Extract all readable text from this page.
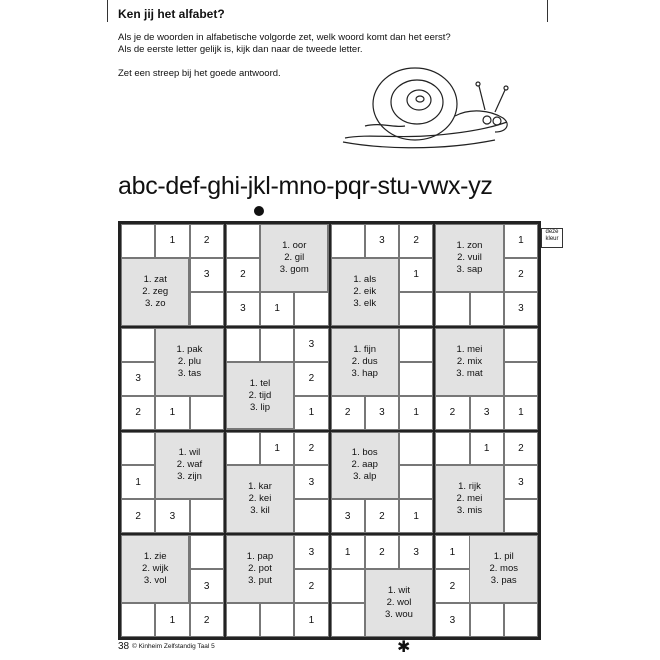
Ken jij het alfabet?
Als je de woorden in alfabetische volgorde zet, welk woord komt dan het eerst?
Als de eerste letter gelijk is, kijk dan naar de tweede letter.
Zet een streep bij het goede antwoord.
abc-def-ghi-jkl-mno-pqr-stu-vwx-yz
deze kleur
1	2
3
1. zat
2. zeg
3. zo
2
3	1
1. oor
2. gil
3. gom
3	2
1
1. als
2. eik
3. elk
1
2
3
1. zon
2. vuil
3. sap
3
2	1
1. pak
2. plu
3. tas
3
2
1
1. tel
2. tijd
3. lip	2	3	1
1. fijn
2. dus
3. hap
2	3	1
1. mei
2. mix
3. mat
1
2	3
1. wil
2. waf
3. zijn
1	2
3
1. kar
2. kei
3. kil	3	2	1
1. bos
2. aap
3. alp
1	2
3
1. rijk
2. mei
3. mis
3
1	2
1. zie
2. wijk
3. vol
3
2
1
1. pap
2. pot
3. put
1	2	3
1. wit
2. wol
3. wou
1
2
3
1. pil
2. mos
3. pas
38 © Kinheim Zelfstandig Taal 5	✱
